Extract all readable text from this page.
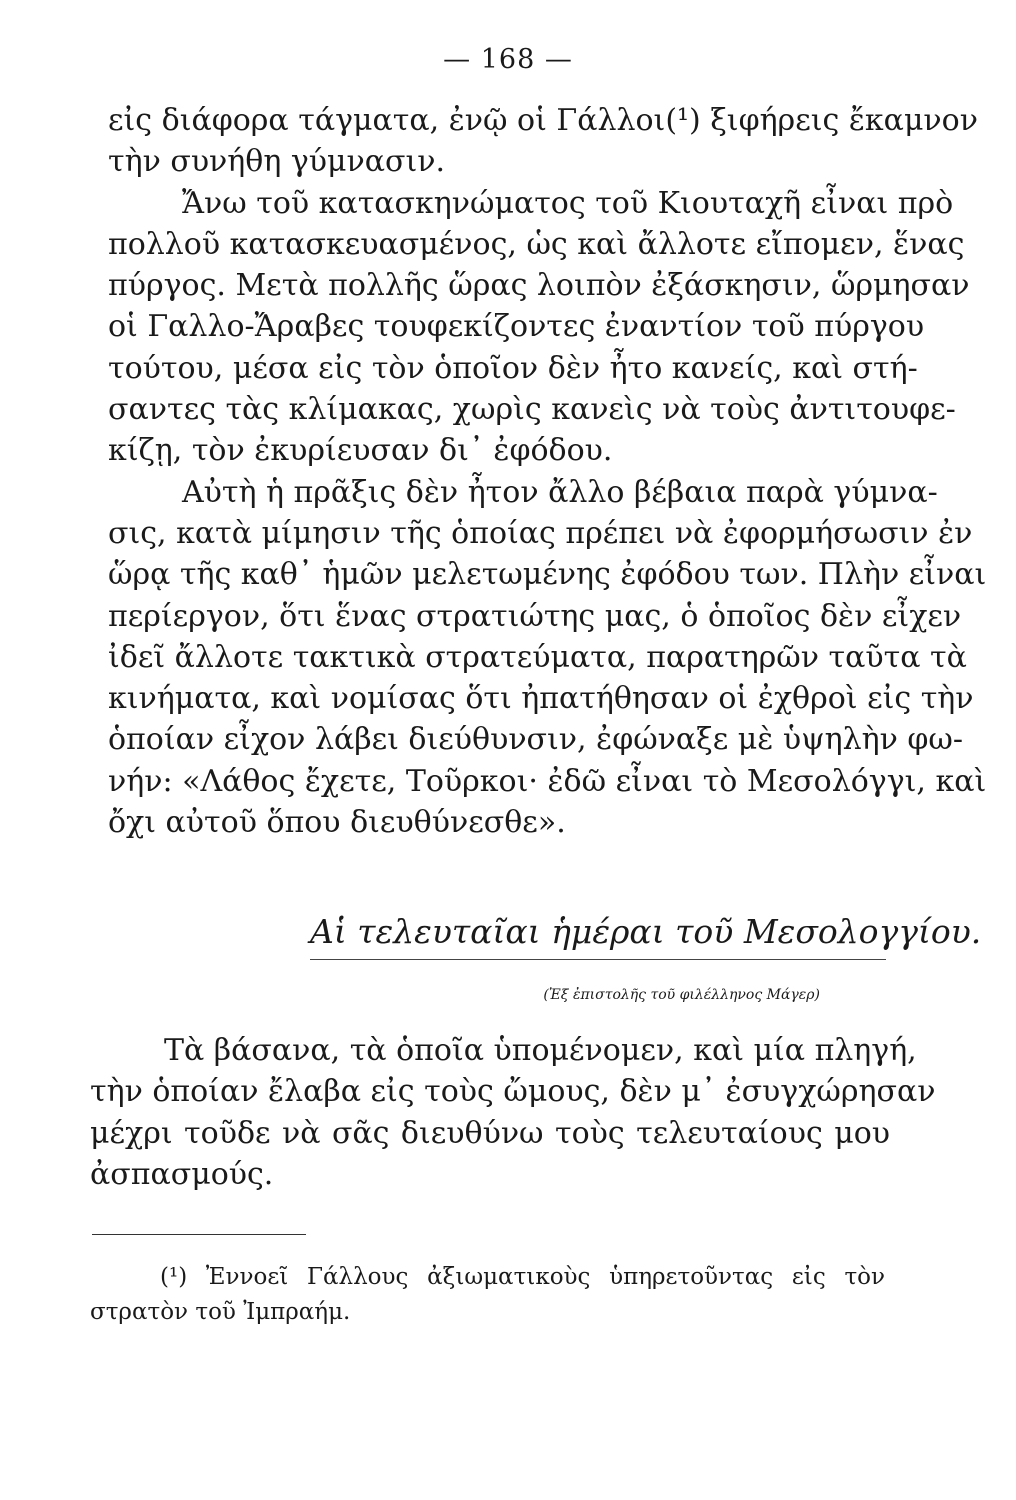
— 168 —
εἰς διάφορα τάγματα, ἐνῷ οἱ Γάλλοι(¹) ξιφήρεις ἔκαμνον
τὴν συνήθη γύμνασιν.
Ἄνω τοῦ κατασκηνώματος τοῦ Κιουταχῆ εἶναι πρὸ
πολλοῦ κατασκευασμένος, ὡς καὶ ἄλλοτε εἴπομεν, ἕνας
πύργος. Μετὰ πολλῆς ὥρας λοιπὸν ἐξάσκησιν, ὥρμησαν
οἱ Γαλλο-Ἄραβες τουφεκίζοντες ἐναντίον τοῦ πύργου
τούτου, μέσα εἰς τὸν ὁποῖον δὲν ἦτο κανείς, καὶ στή-
σαντες τὰς κλίμακας, χωρὶς κανεὶς νὰ τοὺς ἀντιτουφε-
κίζῃ, τὸν ἐκυρίευσαν δι᾿ ἐφόδου.
Αὐτὴ ἡ πρᾶξις δὲν ἦτον ἄλλο βέβαια παρὰ γύμνα-
σις, κατὰ μίμησιν τῆς ὁποίας πρέπει νὰ ἐφορμήσωσιν ἐν
ὥρᾳ τῆς καθ᾿ ἡμῶν μελετωμένης ἐφόδου των. Πλὴν εἶναι
περίεργον, ὅτι ἕνας στρατιώτης μας, ὁ ὁποῖος δὲν εἶχεν
ἰδεῖ ἄλλοτε τακτικὰ στρατεύματα, παρατηρῶν ταῦτα τὰ
κινήματα, καὶ νομίσας ὅτι ἠπατήθησαν οἱ ἐχθροὶ εἰς τὴν
ὁποίαν εἶχον λάβει διεύθυνσιν, ἐφώναξε μὲ ὑψηλὴν φω-
νήν: «Λάθος ἔχετε, Τοῦρκοι· ἐδῶ εἶναι τὸ Μεσολόγγι, καὶ
ὄχι αὐτοῦ ὅπου διευθύνεσθε».
Αἱ τελευταῖαι ἡμέραι τοῦ Μεσολογγίου.
(Ἐξ ἐπιστολῆς τοῦ φιλέλληνος Μάγερ)
Τὰ βάσανα, τὰ ὁποῖα ὑπομένομεν, καὶ μία πληγή,
τὴν ὁποίαν ἔλαβα εἰς τοὺς ὤμους, δὲν μ᾿ ἐσυγχώρησαν
μέχρι τοῦδε νὰ σᾶς διευθύνω τοὺς τελευταίους μου
ἀσπασμούς.
(¹) Ἐννοεῖ Γάλλους ἀξιωματικοὺς ὑπηρετοῦντας εἰς τὸν
στρατὸν τοῦ Ἰμπραήμ.
